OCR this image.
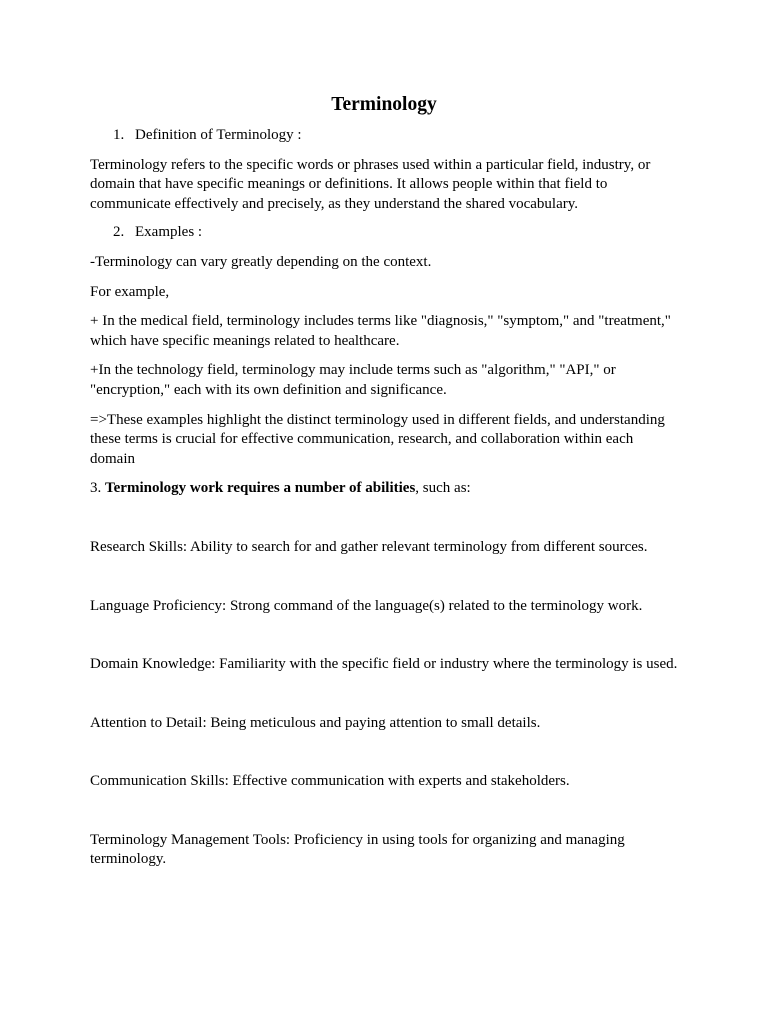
Terminology
1. Definition of Terminology :

Terminology refers to the specific words or phrases used within a particular field, industry, or domain that have specific meanings or definitions. It allows people within that field to communicate effectively and precisely, as they understand the shared vocabulary.

2. Examples :

-Terminology can vary greatly depending on the context.

For example,

+ In the medical field, terminology includes terms like "diagnosis," "symptom," and "treatment," which have specific meanings related to healthcare.

+In the technology field, terminology may include terms such as "algorithm," "API," or "encryption," each with its own definition and significance.

=>These examples highlight the distinct terminology used in different fields, and understanding these terms is crucial for effective communication, research, and collaboration within each domain

3. Terminology work requires a number of abilities, such as:

Research Skills: Ability to search for and gather relevant terminology from different sources.

Language Proficiency: Strong command of the language(s) related to the terminology work.

Domain Knowledge: Familiarity with the specific field or industry where the terminology is used.

Attention to Detail: Being meticulous and paying attention to small details.

Communication Skills: Effective communication with experts and stakeholders.

Terminology Management Tools: Proficiency in using tools for organizing and managing terminology.
